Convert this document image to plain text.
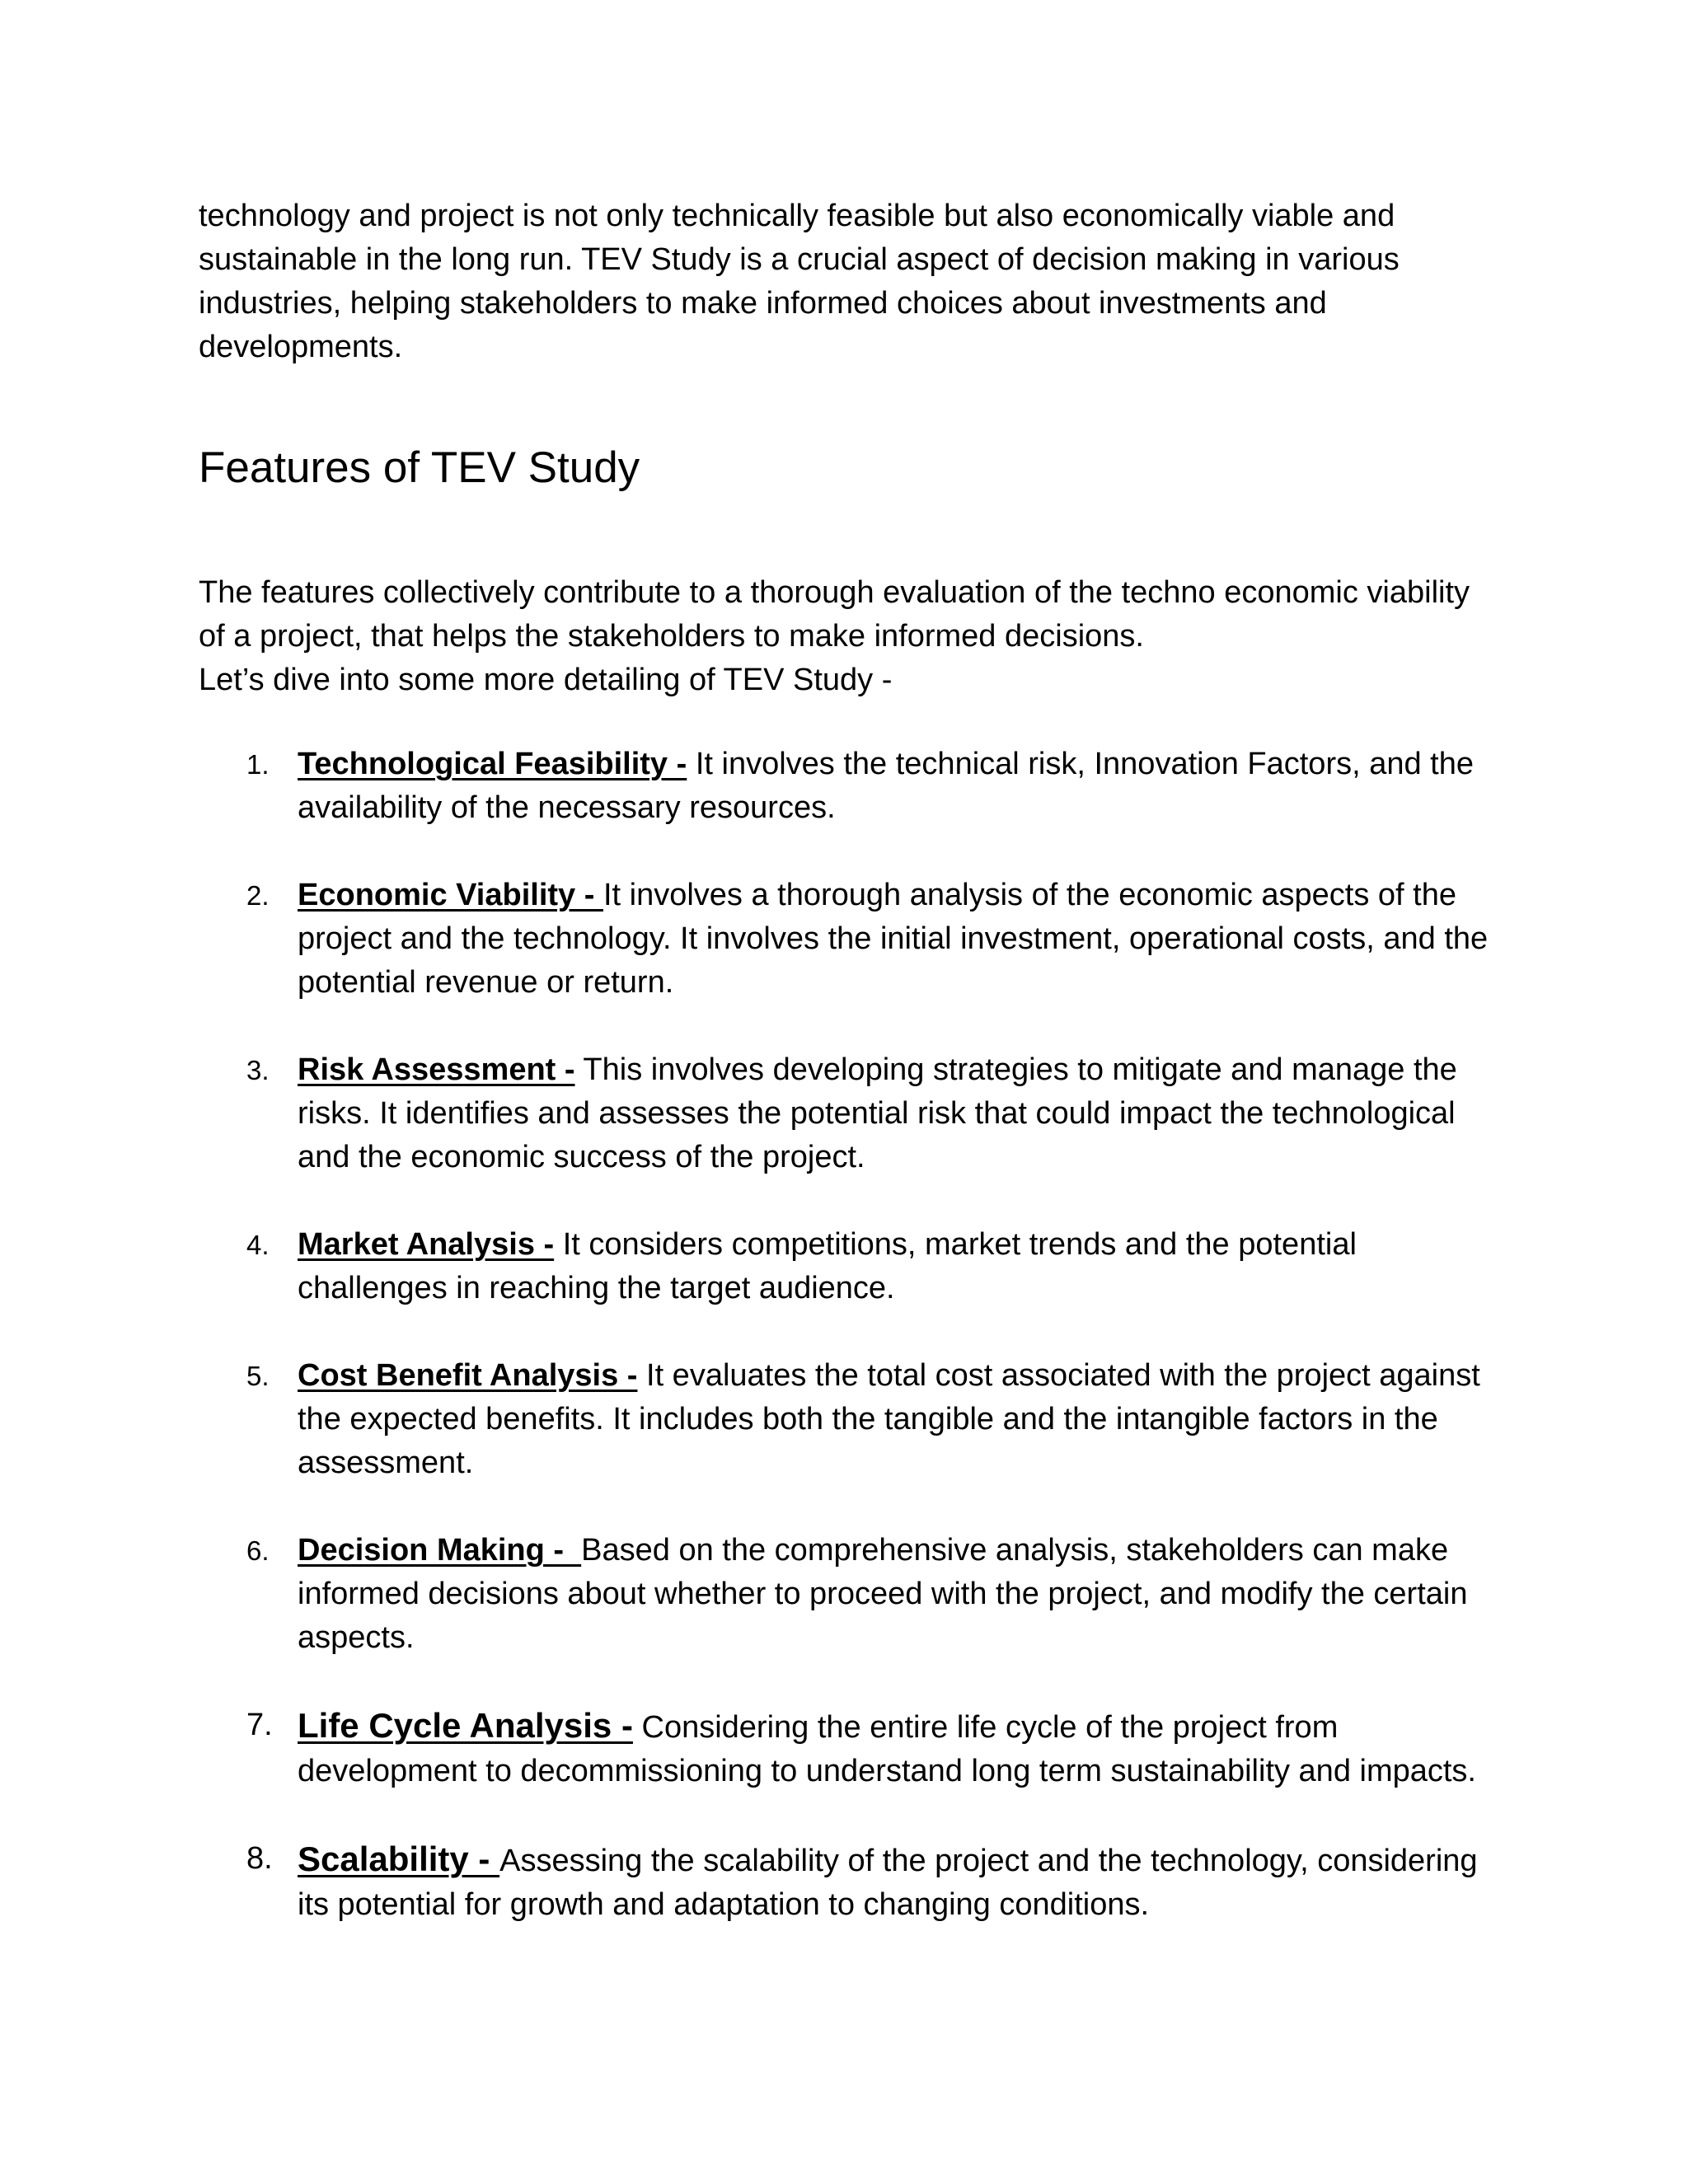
technology and project is not only technically feasible but also economically viable and sustainable in the long run. TEV Study is a crucial aspect of decision making in various industries, helping stakeholders to make informed choices about investments and developments.

Features of TEV Study

The features collectively contribute to a thorough evaluation of the techno economic viability of a project, that helps the stakeholders to make informed decisions.
Let’s dive into some more detailing of TEV Study -

1. Technological Feasibility - It involves the technical risk, Innovation Factors, and the availability of the necessary resources.
2. Economic Viability - It involves a thorough analysis of the economic aspects of the project and the technology. It involves the initial investment, operational costs, and the potential revenue or return.
3. Risk Assessment - This involves developing strategies to mitigate and manage the risks. It identifies and assesses the potential risk that could impact the technological and the economic success of the project.
4. Market Analysis - It considers competitions, market trends and the potential challenges in reaching the target audience.
5. Cost Benefit Analysis - It evaluates the total cost associated with the project against the expected benefits. It includes both the tangible and the intangible factors in the assessment.
6. Decision Making -  Based on the comprehensive analysis, stakeholders can make informed decisions about whether to proceed with the project, and modify the certain aspects.
7. Life Cycle Analysis - Considering the entire life cycle of the project from development to decommissioning to understand long term sustainability and impacts.
8. Scalability - Assessing the scalability of the project and the technology, considering its potential for growth and adaptation to changing conditions.
